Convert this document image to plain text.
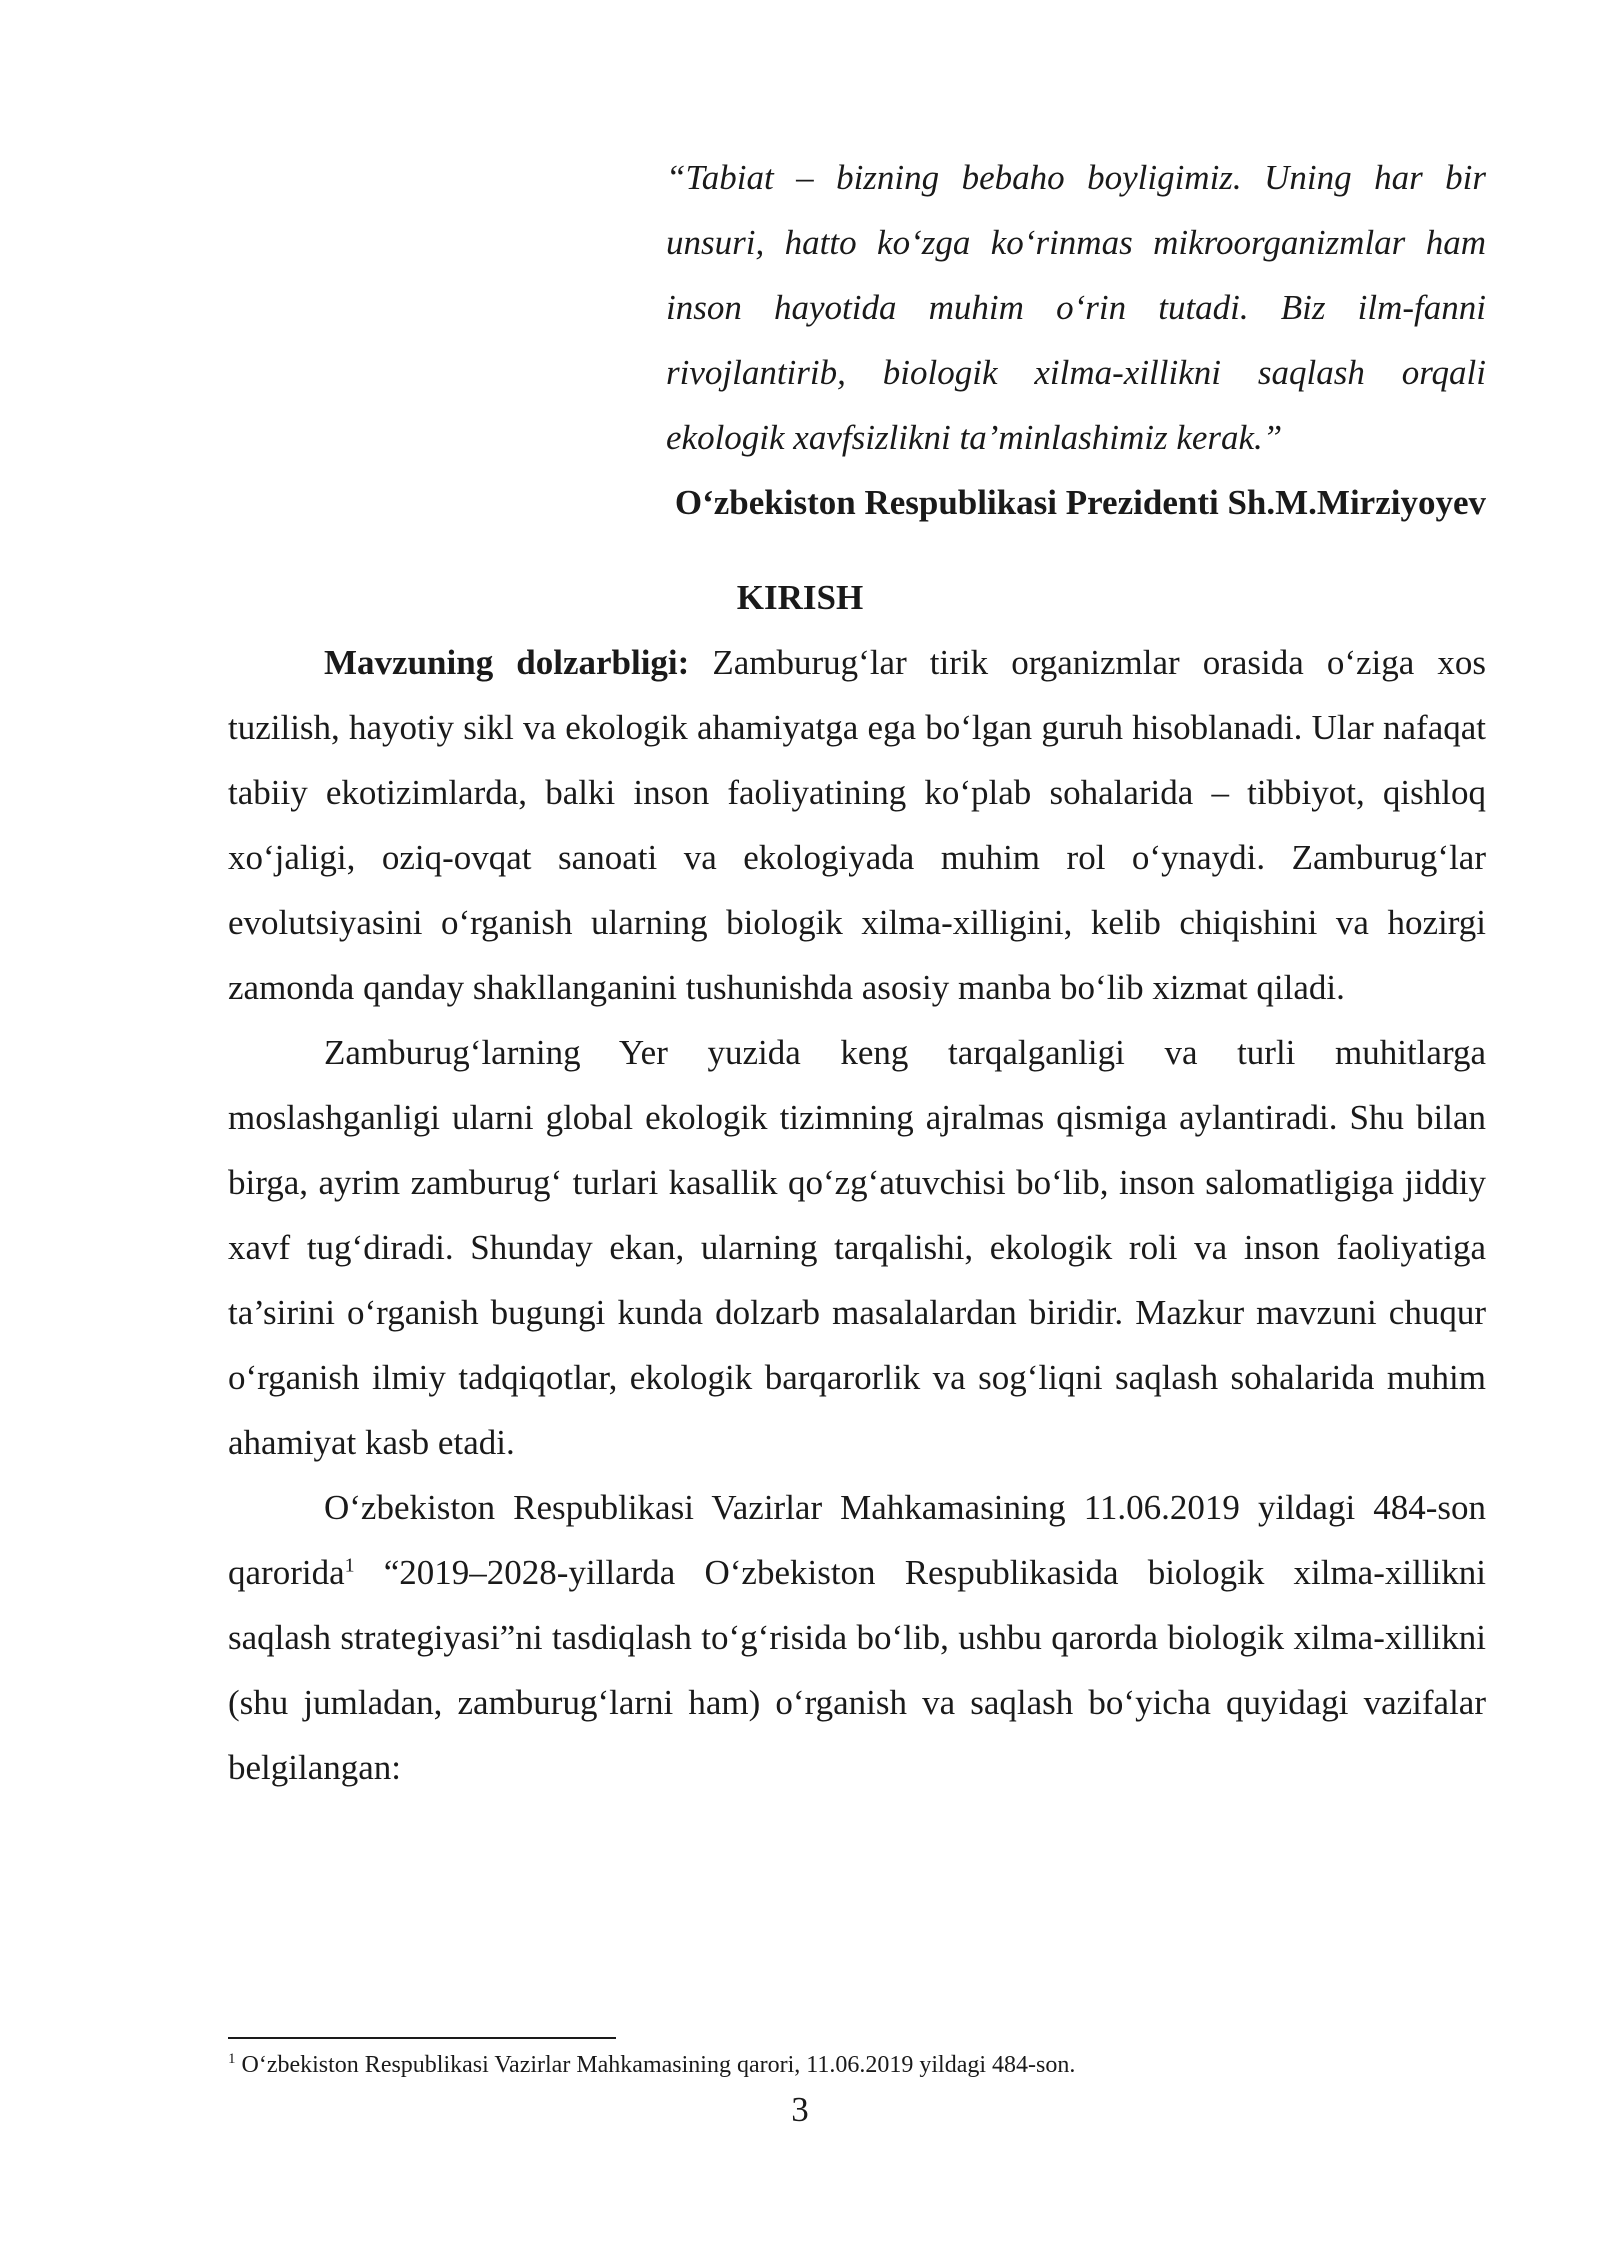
“Tabiat – bizning bebaho boyligimiz. Uning har bir unsuri, hatto ko‘zga ko‘rinmas mikroorganizmlar ham inson hayotida muhim o‘rin tutadi. Biz ilm-fanni rivojlantirib, biologik xilma-xillikni saqlash orqali ekologik xavfsizlikni ta’minlashimiz kerak.”
O‘zbekiston Respublikasi Prezidenti Sh.M.Mirziyoyev
KIRISH

Mavzuning dolzarbligi: Zamburug‘lar tirik organizmlar orasida o‘ziga xos tuzilish, hayotiy sikl va ekologik ahamiyatga ega bo‘lgan guruh hisoblanadi. Ular nafaqat tabiiy ekotizimlarda, balki inson faoliyatining ko‘plab sohalarida – tibbiyot, qishloq xo‘jaligi, oziq-ovqat sanoati va ekologiyada muhim rol o‘ynaydi. Zamburug‘lar evolutsiyasini o‘rganish ularning biologik xilma-xilligini, kelib chiqishini va hozirgi zamonda qanday shakllanganini tushunishda asosiy manba bo‘lib xizmat qiladi.

Zamburug‘larning Yer yuzida keng tarqalganligi va turli muhitlarga moslashganligi ularni global ekologik tizimning ajralmas qismiga aylantiradi. Shu bilan birga, ayrim zamburug‘ turlari kasallik qo‘zg‘atuvchisi bo‘lib, inson salomatligiga jiddiy xavf tug‘diradi. Shunday ekan, ularning tarqalishi, ekologik roli va inson faoliyatiga ta’sirini o‘rganish bugungi kunda dolzarb masalalardan biridir. Mazkur mavzuni chuqur o‘rganish ilmiy tadqiqotlar, ekologik barqarorlik va sog‘liqni saqlash sohalarida muhim ahamiyat kasb etadi.

O‘zbekiston Respublikasi Vazirlar Mahkamasining 11.06.2019 yildagi 484-son qarorida$^1$ “2019–2028-yillarda O‘zbekiston Respublikasida biologik xilma-xillikni saqlash strategiyasi”ni tasdiqlash to‘g‘risida bo‘lib, ushbu qarorda biologik xilma-xillikni (shu jumladan, zamburug‘larni ham) o‘rganish va saqlash bo‘yicha quyidagi vazifalar belgilangan:

$^1$ O‘zbekiston Respublikasi Vazirlar Mahkamasining qarori, 11.06.2019 yildagi 484-son.
3
